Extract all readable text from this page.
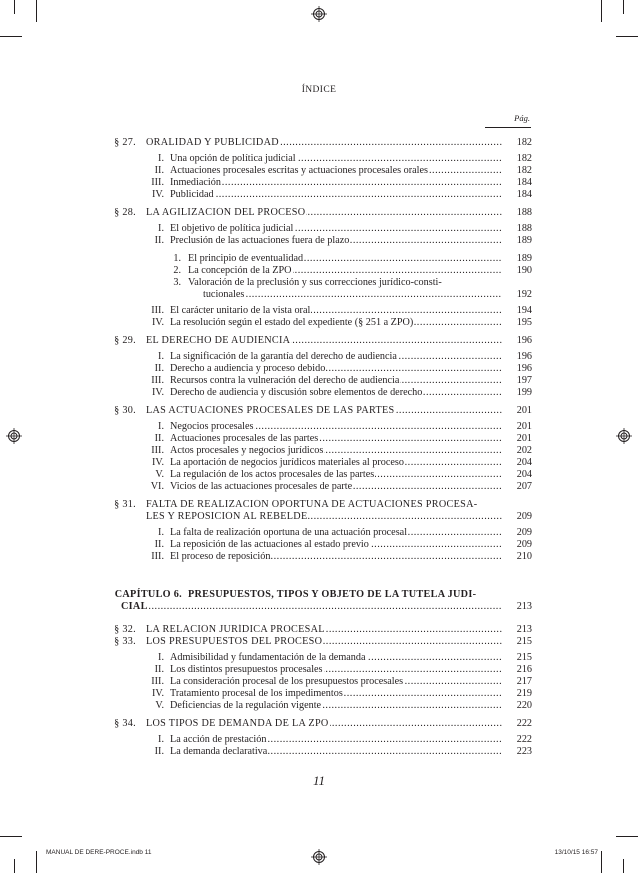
ÍNDICE
Pág.
§ 27. ORALIDAD Y PUBLICIDAD .....	182
I. Una opción de política judicial .....	182
II. Actuaciones procesales escritas y actuaciones procesales orales .....	182
III. Inmediación .....	184
IV. Publicidad .....	184
§ 28. LA AGILIZACIÓN DEL PROCESO .....	188
I. El objetivo de política judicial .....	188
II. Preclusión de las actuaciones fuera de plazo .....	189
1. El principio de eventualidad .....	189
2. La concepción de la ZPO .....	190
3. Valoración de la preclusión y sus correcciones jurídico-consti-
tucionales .....	192
III. El carácter unitario de la vista oral .....	194
IV. La resolución según el estado del expediente (§ 251 a ZPO) .....	195
§ 29. EL DERECHO DE AUDIENCIA .....	196
I. La significación de la garantía del derecho de audiencia .....	196
II. Derecho a audiencia y proceso debido .....	196
III. Recursos contra la vulneración del derecho de audiencia .....	197
IV. Derecho de audiencia y discusión sobre elementos de derecho .....	199
§ 30. LAS ACTUACIONES PROCESALES DE LAS PARTES .....	201
I. Negocios procesales .....	201
II. Actuaciones procesales de las partes .....	201
III. Actos procesales y negocios jurídicos .....	202
IV. La aportación de negocios jurídicos materiales al proceso .....	204
V. La regulación de los actos procesales de las partes .....	204
VI. Vicios de las actuaciones procesales de parte .....	207
§ 31. FALTA DE REALIZACIÓN OPORTUNA DE ACTUACIONES PROCESA-
LES Y REPOSICIÓN AL REBELDE .....	209
I. La falta de realización oportuna de una actuación procesal .....	209
II. La reposición de las actuaciones al estado previo .....	209
III. El proceso de reposición .....	210
CAPÍTULO 6. PRESUPUESTOS, TIPOS Y OBJETO DE LA TUTELA JUDI-
CIAL .....	213
§ 32. LA RELACIÓN JURÍDICA PROCESAL .....	213
§ 33. LOS PRESUPUESTOS DEL PROCESO .....	215
I. Admisibilidad y fundamentación de la demanda .....	215
II. Los distintos presupuestos procesales .....	216
III. La consideración procesal de los presupuestos procesales .....	217
IV. Tratamiento procesal de los impedimentos .....	219
V. Deficiencias de la regulación vigente .....	220
§ 34. LOS TIPOS DE DEMANDA DE LA ZPO .....	222
I. La acción de prestación .....	222
II. La demanda declarativa .....	223
11
MANUAL DE DERE-PROCE.indb 11	13/10/15 16:57
